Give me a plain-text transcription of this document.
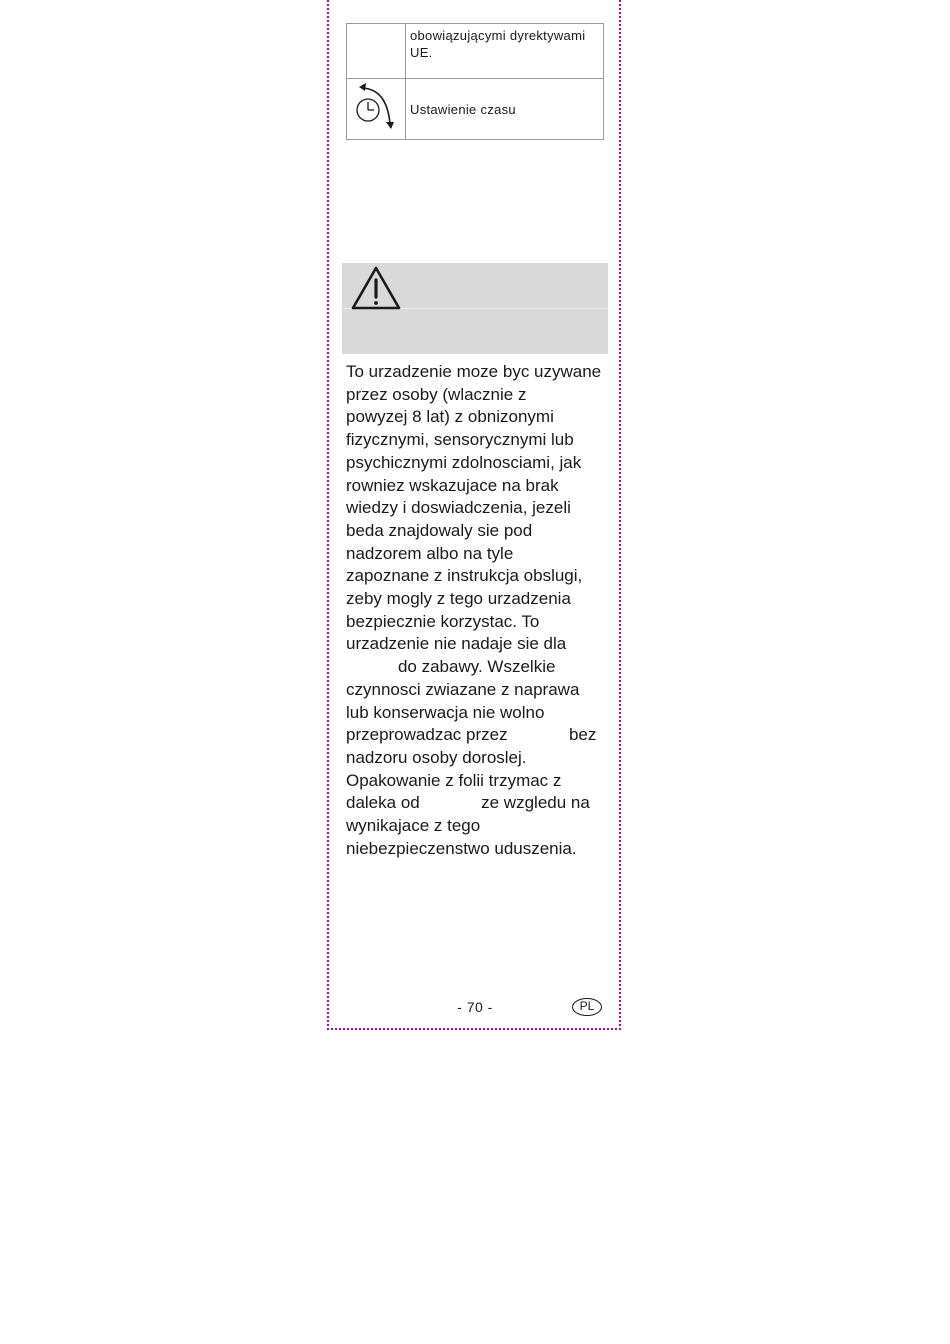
	obowiązującymi dyrektywami UE.
	Ustawienie czasu
To urzadzenie moze byc uzywane
przez osoby (wlacznie z
powyzej 8 lat) z obnizonymi
fizycznymi, sensorycznymi lub
psychicznymi zdolnosciami, jak
rowniez wskazujace na brak
wiedzy i doswiadczenia, jezeli
beda znajdowaly sie pod
nadzorem albo na tyle
zapoznane z instrukcja obslugi,
zeby mogly z tego urzadzenia
bezpiecznie korzystac. To
urzadzenie nie nadaje sie dla
do zabawy. Wszelkie
czynnosci zwiazane z naprawa
lub konserwacja nie wolno
przeprowadzac przez             bez
nadzoru osoby doroslej.
Opakowanie z folii trzymac z
daleka od             ze wzgledu na
wynikajace z tego
niebezpieczenstwo uduszenia.
- 70 -	PL
